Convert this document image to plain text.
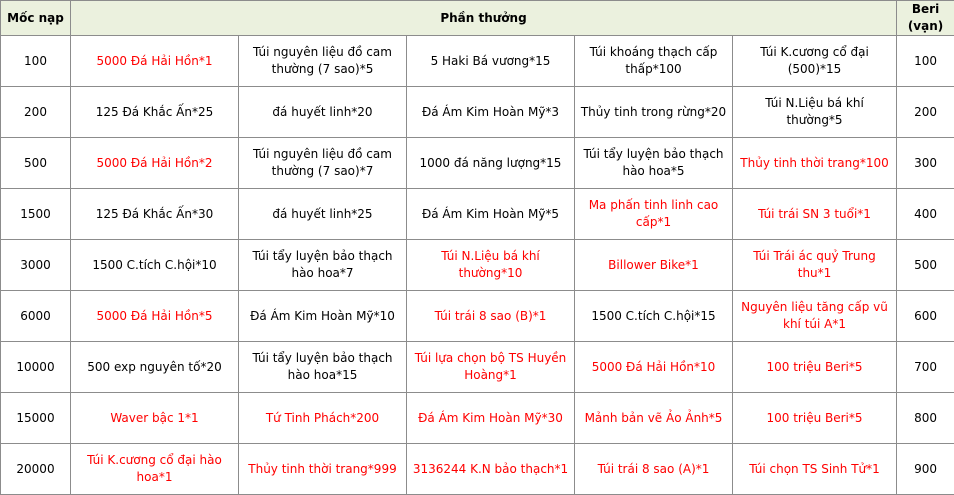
Mốc nạp	Phần thưởng					Beri (vạn)
100	5000 Đá Hải Hồn*1	Túi nguyên liệu đồ cam thường (7 sao)*5	5 Haki Bá vương*15	Túi khoáng thạch cấp thấp*100	Túi K.cương cổ đại (500)*15	100
200	125 Đá Khắc Ấn*25	đá huyết linh*20	Đá Ám Kim Hoàn Mỹ*3	Thủy tinh trong rừng*20	Túi N.Liệu bá khí thường*5	200
500	5000 Đá Hải Hồn*2	Túi nguyên liệu đồ cam thường (7 sao)*7	1000 đá năng lượng*15	Túi tẩy luyện bảo thạch hào hoa*5	Thủy tinh thời trang*100	300
1500	125 Đá Khắc Ấn*30	đá huyết linh*25	Đá Ám Kim Hoàn Mỹ*5	Ma phấn tinh linh cao cấp*1	Túi trái SN 3 tuổi*1	400
3000	1500 C.tích C.hội*10	Túi tẩy luyện bảo thạch hào hoa*7	Túi N.Liệu bá khí thường*10	Billower Bike*1	Túi Trái ác quỷ Trung thu*1	500
6000	5000 Đá Hải Hồn*5	Đá Ám Kim Hoàn Mỹ*10	Túi trái 8 sao (B)*1	1500 C.tích C.hội*15	Nguyên liệu tăng cấp vũ khí túi A*1	600
10000	500 exp nguyên tố*20	Túi tẩy luyện bảo thạch hào hoa*15	Túi lựa chọn bộ TS Huyền Hoàng*1	5000 Đá Hải Hồn*10	100 triệu Beri*5	700
15000	Waver bậc 1*1	Tứ Tinh Phách*200	Đá Ám Kim Hoàn Mỹ*30	Mảnh bản vẽ Ảo Ảnh*5	100 triệu Beri*5	800
20000	Túi K.cương cổ đại hào hoa*1	Thủy tinh thời trang*999	3136244 K.N bảo thạch*1	Túi trái 8 sao (A)*1	Túi chọn TS Sinh Tử*1	900
